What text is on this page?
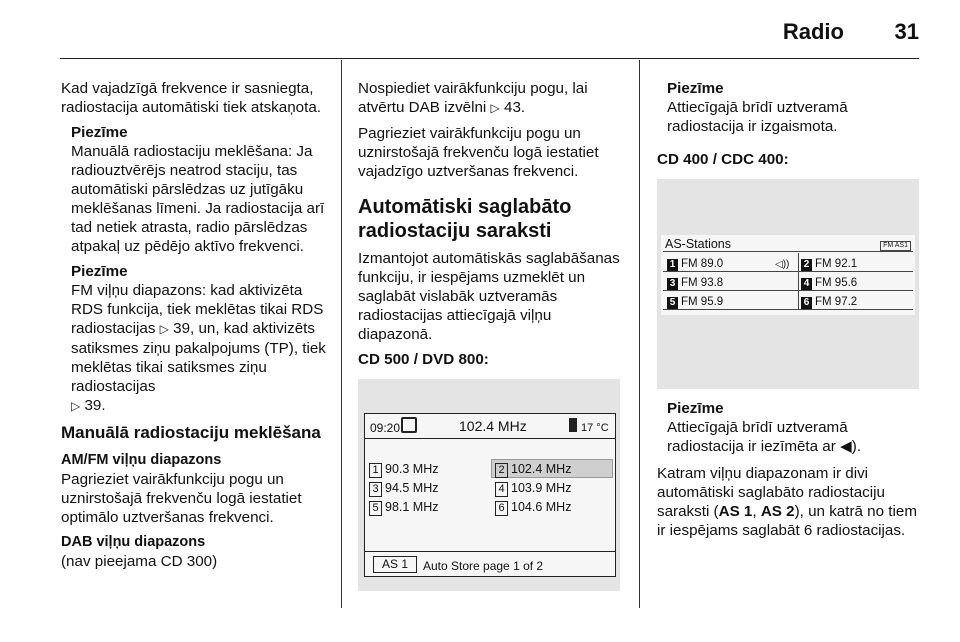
Radio 31

Kad vajadzīgā frekvence ir sasniegta, radiostacija automātiski tiek atskaņota.

Piezīme
Manuālā radiostaciju meklēšana: Ja radiouztvērējs neatrod staciju, tas automātiski pārslēdzas uz jutīgāku meklēšanas līmeni. Ja radiostacija arī tad netiek atrasta, radio pārslēdzas atpakaļ uz pēdējo aktīvo frekvenci.
Piezīme
FM viļņu diapazons: kad aktivizēta RDS funkcija, tiek meklētas tikai RDS radiostacijas ▷ 39, un, kad aktivizēts satiksmes ziņu pakalpojums (TP), tiek meklētas tikai satiksmes ziņu radiostacijas
▷ 39.
Manuālā radiostaciju meklēšana
AM/FM viļņu diapazons

Pagrieziet vairākfunkciju pogu un uznirstošajā frekvenču logā iestatiet optimālo uztveršanas frekvenci.

DAB viļņu diapazons

(nav pieejama CD 300)

Nospiediet vairākfunkciju pogu, lai atvērtu DAB izvēlni ▷ 43.

Pagrieziet vairākfunkciju pogu un uznirstošajā frekvenču logā iestatiet vajadzīgo uztveršanas frekvenci.

Automātiski saglabāto radiostaciju saraksti

Izmantojot automātiskās saglabāšanas funkciju, ir iespējams uzmeklēt un saglabāt vislabāk uztveramās radiostacijas attiecīgajā viļņu diapazonā.

CD 500 / DVD 800:
09:20	102.4 MHz	17 °C
1 90.3 MHz	2 102.4 MHz
3 94.5 MHz	4 103.9 MHz
5 98.1 MHz	6 104.6 MHz
AS 1	Auto Store page 1 of 2
Piezīme
Attiecīgajā brīdī uztveramā radiostacija ir izgaismota.
CD 400 / CDC 400:
AS-Stations	FM AS1
◁))
1 FM 89.0	2 FM 92.1
3 FM 93.8	4 FM 95.6
5 FM 95.9	6 FM 97.2
Piezīme
Attiecīgajā brīdī uztveramā radiostacija ir iezīmēta ar ◀).

Katram viļņu diapazonam ir divi automātiski saglabāto radiostaciju saraksti (AS 1, AS 2), un katrā no tiem ir iespējams saglabāt 6 radiostacijas.
